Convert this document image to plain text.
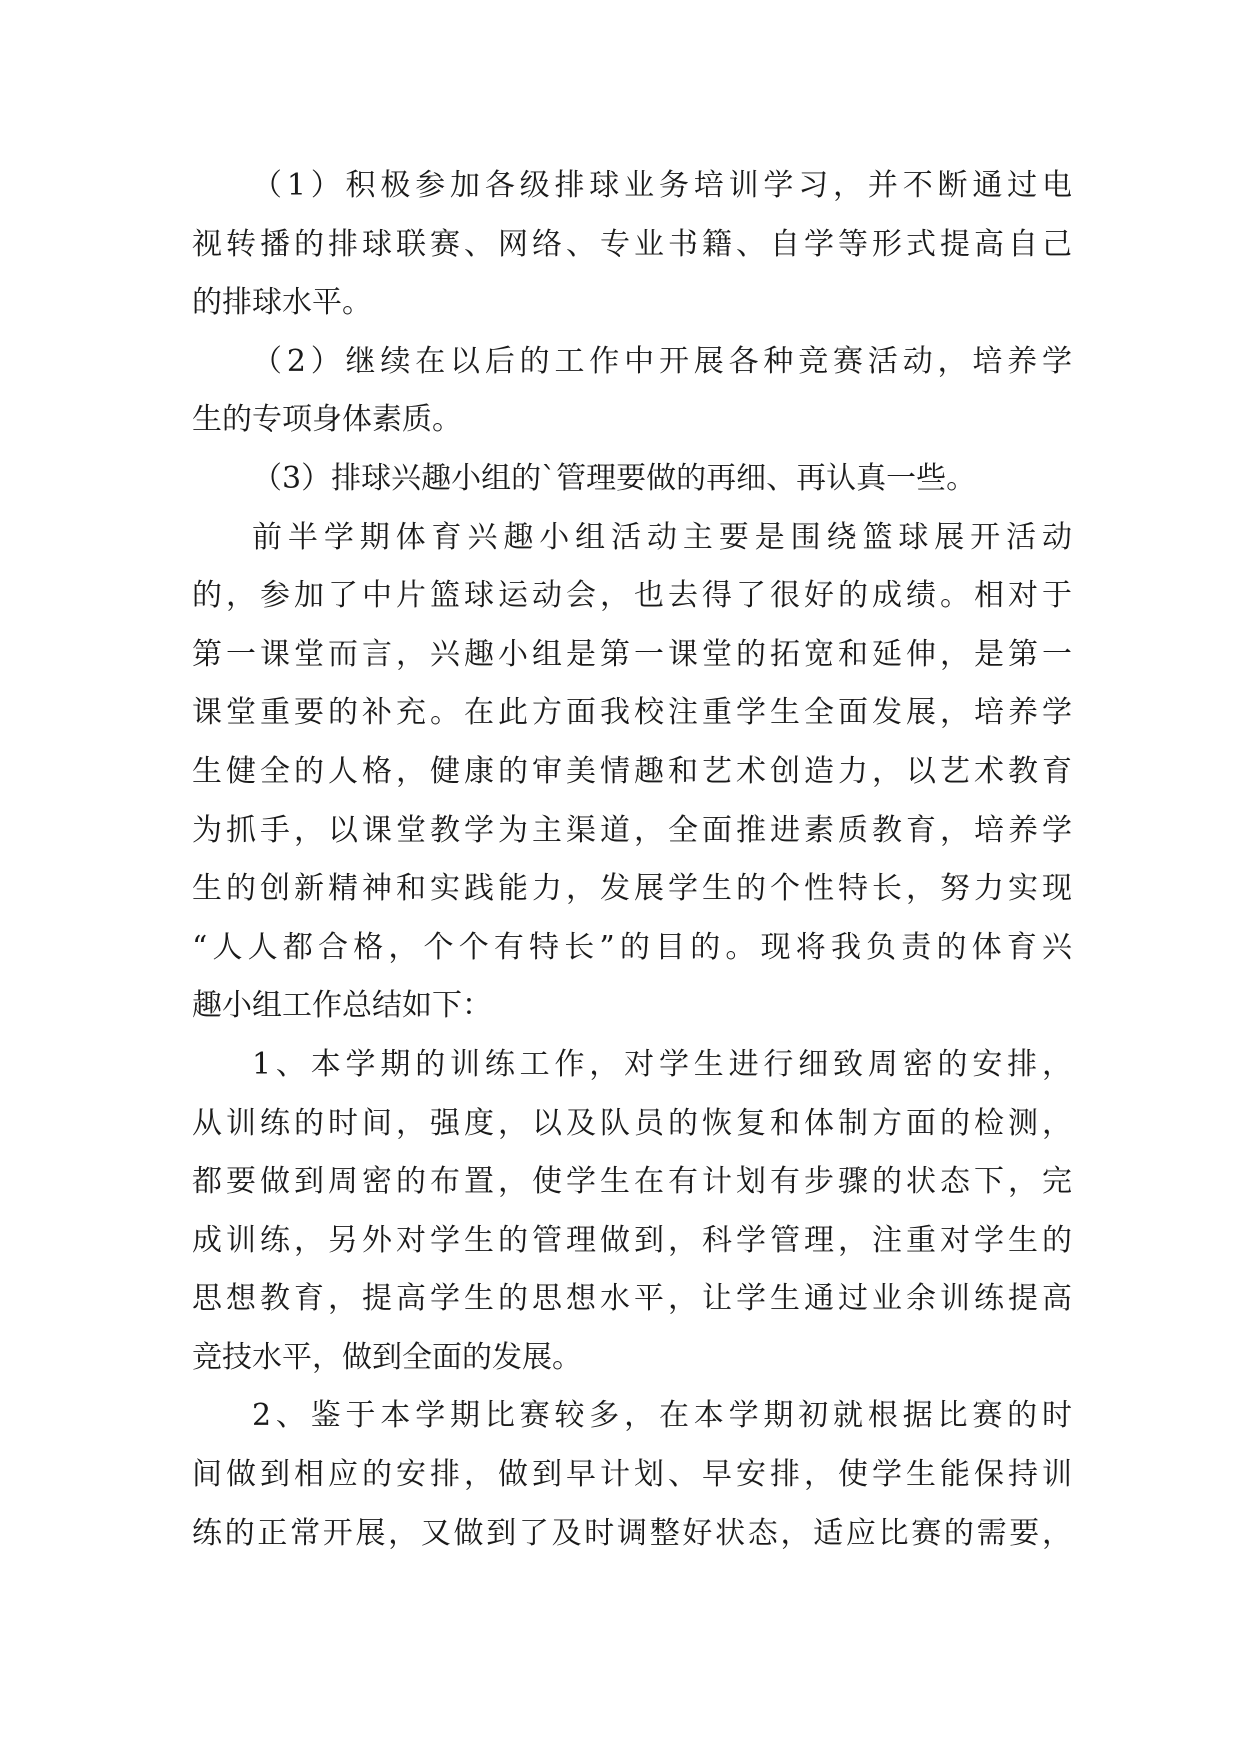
（1）积极参加各级排球业务培训学习，并不断通过电
视转播的排球联赛、网络、专业书籍、自学等形式提高自己
的排球水平。
（2）继续在以后的工作中开展各种竞赛活动，培养学
生的专项身体素质。
（3）排球兴趣小组的`管理要做的再细、再认真一些。
前半学期体育兴趣小组活动主要是围绕篮球展开活动
的，参加了中片篮球运动会，也去得了很好的成绩。相对于
第一课堂而言，兴趣小组是第一课堂的拓宽和延伸，是第一
课堂重要的补充。在此方面我校注重学生全面发展，培养学
生健全的人格，健康的审美情趣和艺术创造力，以艺术教育
为抓手，以课堂教学为主渠道，全面推进素质教育，培养学
生的创新精神和实践能力，发展学生的个性特长，努力实现
“人人都合格，个个有特长”的目的。现将我负责的体育兴
趣小组工作总结如下：
1、本学期的训练工作，对学生进行细致周密的安排，
从训练的时间，强度，以及队员的恢复和体制方面的检测，
都要做到周密的布置，使学生在有计划有步骤的状态下，完
成训练，另外对学生的管理做到，科学管理，注重对学生的
思想教育，提高学生的思想水平，让学生通过业余训练提高
竞技水平，做到全面的发展。
2、鉴于本学期比赛较多，在本学期初就根据比赛的时
间做到相应的安排，做到早计划、早安排，使学生能保持训
练的正常开展，又做到了及时调整好状态，适应比赛的需要，
